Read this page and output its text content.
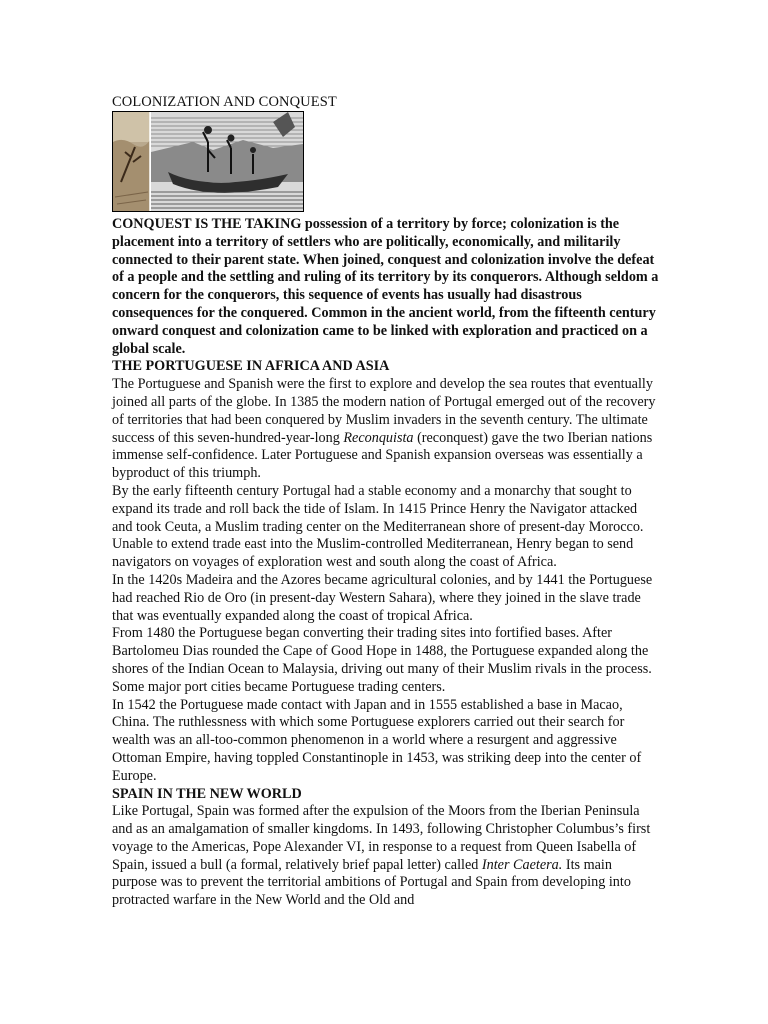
COLONIZATION AND CONQUEST

CONQUEST IS THE TAKING possession of a territory by force; colonization is the placement into a territory of settlers who are politically, economically, and militarily connected to their parent state. When joined, conquest and colonization involve the defeat of a people and the settling and ruling of its territory by its conquerors. Although seldom a concern for the conquerors, this sequence of events has usually had disastrous consequences for the conquered. Common in the ancient world, from the fifteenth century onward conquest and colonization came to be linked with exploration and practiced on a global scale.

THE PORTUGUESE IN AFRICA AND ASIA

The Portuguese and Spanish were the first to explore and develop the sea routes that eventually joined all parts of the globe. In 1385 the modern nation of Portugal emerged out of the recovery of territories that had been conquered by Muslim invaders in the seventh century. The ultimate success of this seven-hundred-year-long Reconquista (reconquest) gave the two Iberian nations immense self-confidence. Later Portuguese and Spanish expansion overseas was essentially a byproduct of this triumph.

By the early fifteenth century Portugal had a stable economy and a monarchy that sought to expand its trade and roll back the tide of Islam. In 1415 Prince Henry the Navigator attacked and took Ceuta, a Muslim trading center on the Mediterranean shore of present-day Morocco. Unable to extend trade east into the Muslim-controlled Mediterranean, Henry began to send navigators on voyages of exploration west and south along the coast of Africa.

In the 1420s Madeira and the Azores became agricultural colonies, and by 1441 the Portuguese had reached Rio de Oro (in present-day Western Sahara), where they joined in the slave trade that was eventually expanded along the coast of tropical Africa.

From 1480 the Portuguese began converting their trading sites into fortified bases. After Bartolomeu Dias rounded the Cape of Good Hope in 1488, the Portuguese expanded along the shores of the Indian Ocean to Malaysia, driving out many of their Muslim rivals in the process. Some major port cities became Portuguese trading centers.

In 1542 the Portuguese made contact with Japan and in 1555 established a base in Macao, China. The ruthlessness with which some Portuguese explorers carried out their search for wealth was an all-too-common phenomenon in a world where a resurgent and aggressive Ottoman Empire, having toppled Constantinople in 1453, was striking deep into the center of Europe.

SPAIN IN THE NEW WORLD

Like Portugal, Spain was formed after the expulsion of the Moors from the Iberian Peninsula and as an amalgamation of smaller kingdoms. In 1493, following Christopher Columbus’s first voyage to the Americas, Pope Alexander VI, in response to a request from Queen Isabella of Spain, issued a bull (a formal, relatively brief papal letter) called Inter Caetera. Its main purpose was to prevent the territorial ambitions of Portugal and Spain from developing into protracted warfare in the New World and the Old and
